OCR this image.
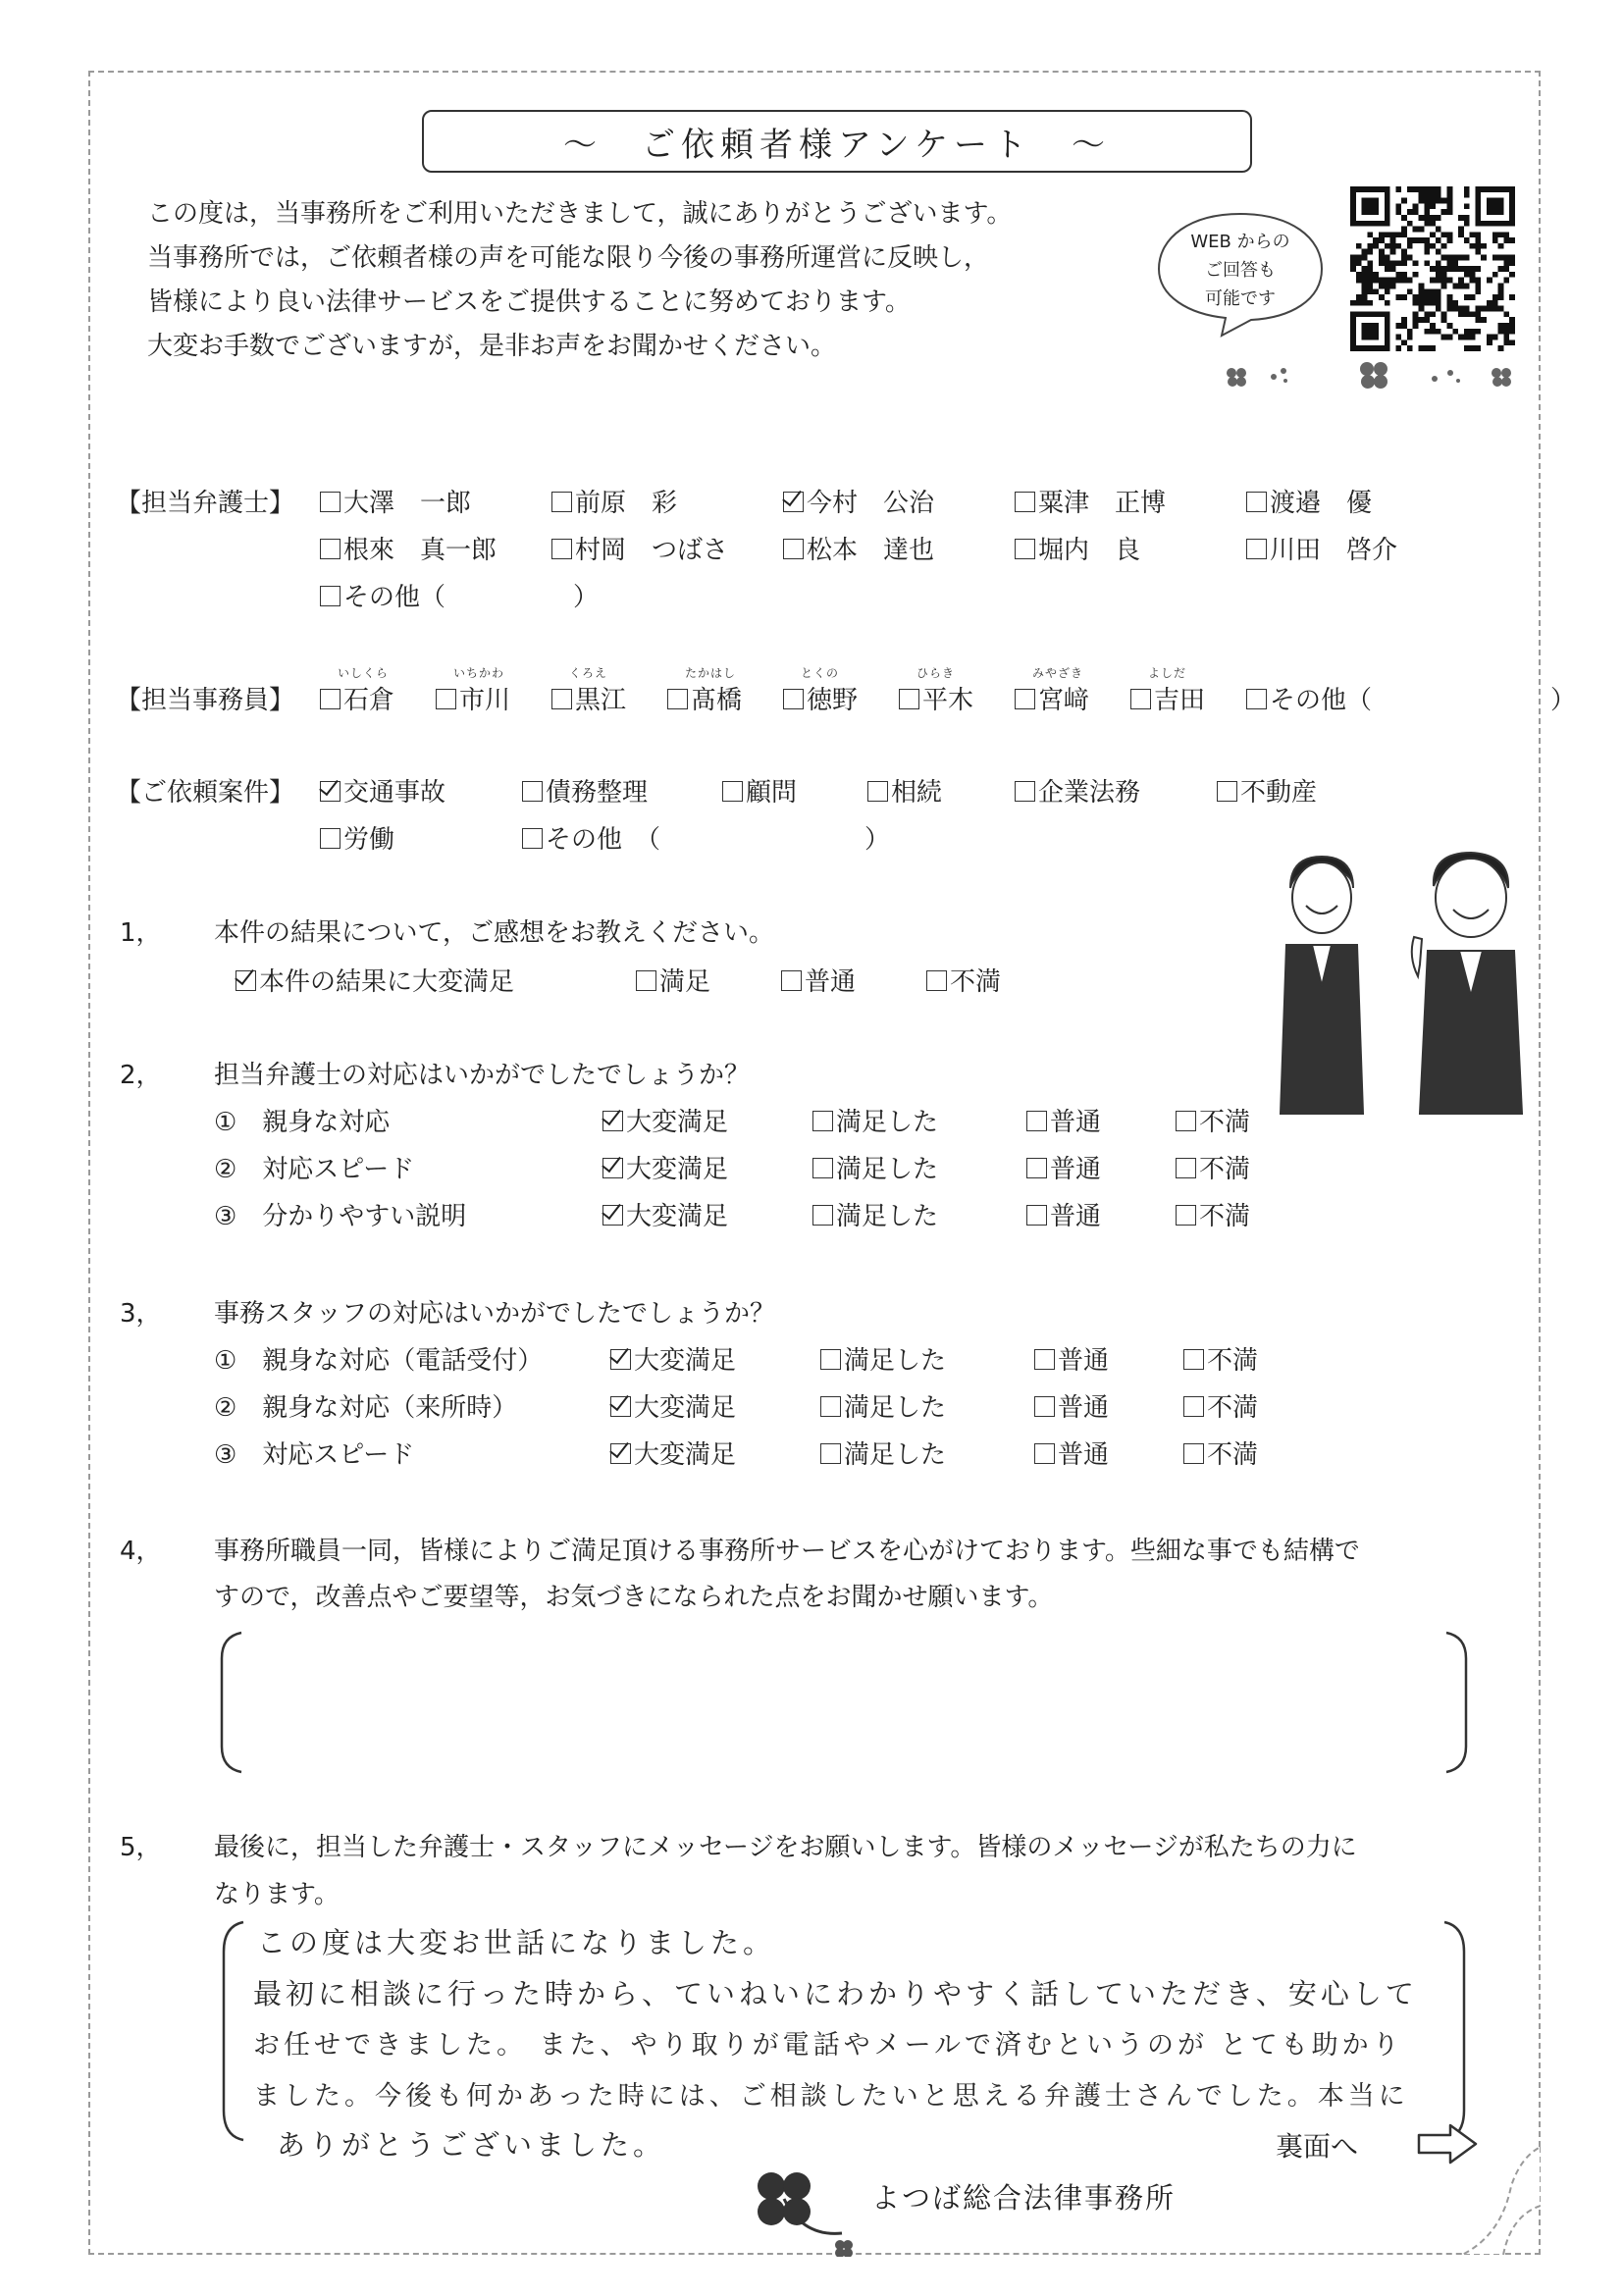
〜　ご依頼者様アンケート　〜
この度は，当事務所をご利用いただきまして，誠にありがとうございます。
当事務所では，ご依頼者様の声を可能な限り今後の事務所運営に反映し，
皆様により良い法律サービスをご提供することに努めております。
大変お手数でございますが，是非お声をお聞かせください。
WEB からの
ご回答も
可能です
【担当弁護士】	大澤　一郎	前原　彩	今村　公治	粟津　正博	渡邉　優
根來　真一郎	村岡　つばさ	松本　達也	堀内　良	川田　啓介
その他（　　　　　）
いしくら	いちかわ	くろえ	たかはし	とくの	ひらき	みやざき	よしだ
【担当事務員】	石倉	市川	黒江	髙橋	徳野	平木	宮﨑	吉田	その他（　　　　　　　）
【ご依頼案件】	交通事故	債務整理	顧問	相続	企業法務	不動産
労働	その他　（　　　　　　　　）
1， 本件の結果について，ご感想をお教えください。
本件の結果に大変満足	満足	普通	不満
2， 担当弁護士の対応はいかがでしたでしょうか？
①　親身な対応	大変満足	満足した	普通	不満
②　対応スピード	大変満足	満足した	普通	不満
③　分かりやすい説明	大変満足	満足した	普通	不満
3， 事務スタッフの対応はいかがでしたでしょうか？
①　親身な対応（電話受付）	大変満足	満足した	普通	不満
②　親身な対応（来所時）	大変満足	満足した	普通	不満
③　対応スピード	大変満足	満足した	普通	不満
4， 事務所職員一同，皆様によりご満足頂ける事務所サービスを心がけております。些細な事でも結構で
すので，改善点やご要望等，お気づきになられた点をお聞かせ願います。
5， 最後に，担当した弁護士・スタッフにメッセージをお願いします。皆様のメッセージが私たちの力に
なります。
この度は大変お世話になりました。
最初に相談に行った時から、ていねいにわかりやすく話していただき、安心して
お任せできました。 また、やり取りが電話やメールで済むというのが とても助かり
ました。今後も何かあった時には、ご相談したいと思える弁護士さんでした。本当に
ありがとうございました。	裏面へ
よつば総合法律事務所
